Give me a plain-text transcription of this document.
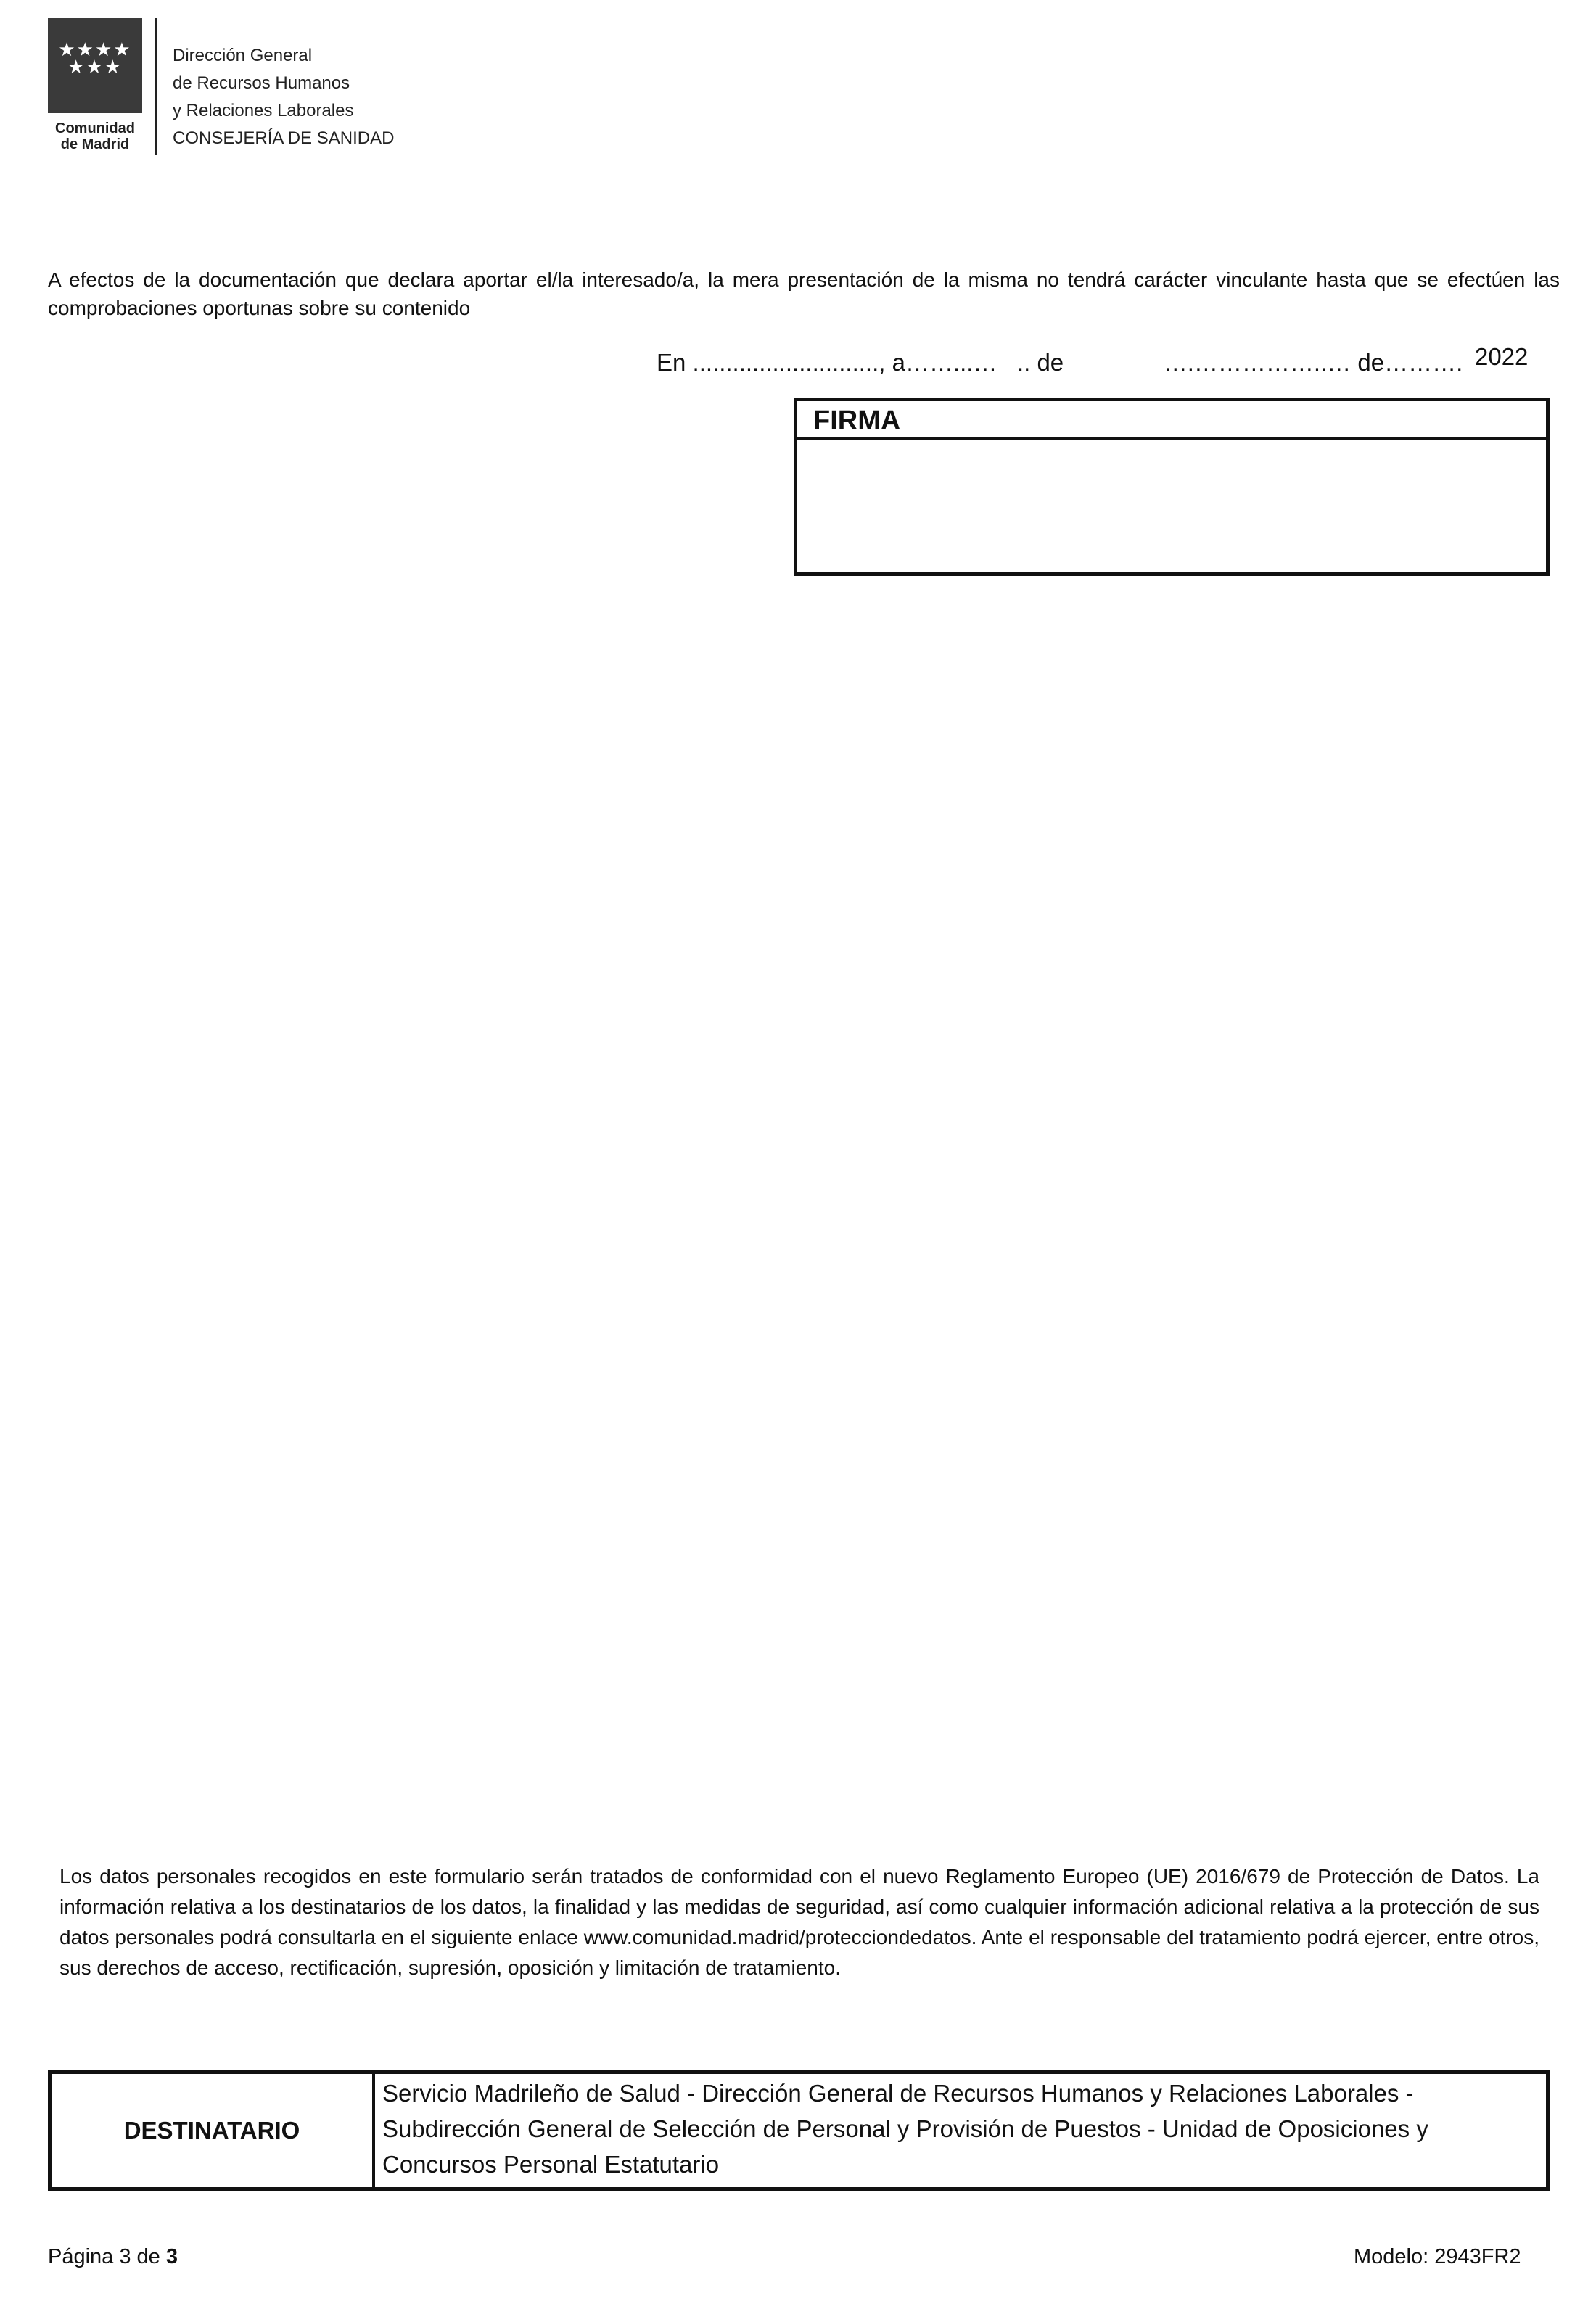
★★★★
★★★
Comunidad
de Madrid
Dirección General
de Recursos Humanos
y Relaciones Laborales
CONSEJERÍA DE SANIDAD
A efectos de la documentación que declara aportar el/la interesado/a, la mera presentación de la misma no tendrá carácter vinculante hasta que se efectúen las comprobaciones oportunas sobre su contenido
En ............................, a……...…   .. de               ….……………..… de………. 2022
FIRMA
Los datos personales recogidos en este formulario serán tratados de conformidad con el nuevo Reglamento Europeo (UE) 2016/679 de Protección de Datos. La información relativa a los destinatarios de los datos, la finalidad y las medidas de seguridad, así como cualquier información adicional relativa a la protección de sus datos personales podrá consultarla en el siguiente enlace www.comunidad.madrid/protecciondedatos. Ante el responsable del tratamiento podrá ejercer, entre otros, sus derechos de acceso, rectificación, supresión, oposición y limitación de tratamiento.
DESTINATARIO
Servicio Madrileño de Salud - Dirección General de Recursos Humanos y Relaciones Laborales - Subdirección General de Selección de Personal y Provisión de Puestos - Unidad de Oposiciones y Concursos Personal Estatutario
Página 3 de 3	Modelo: 2943FR2
